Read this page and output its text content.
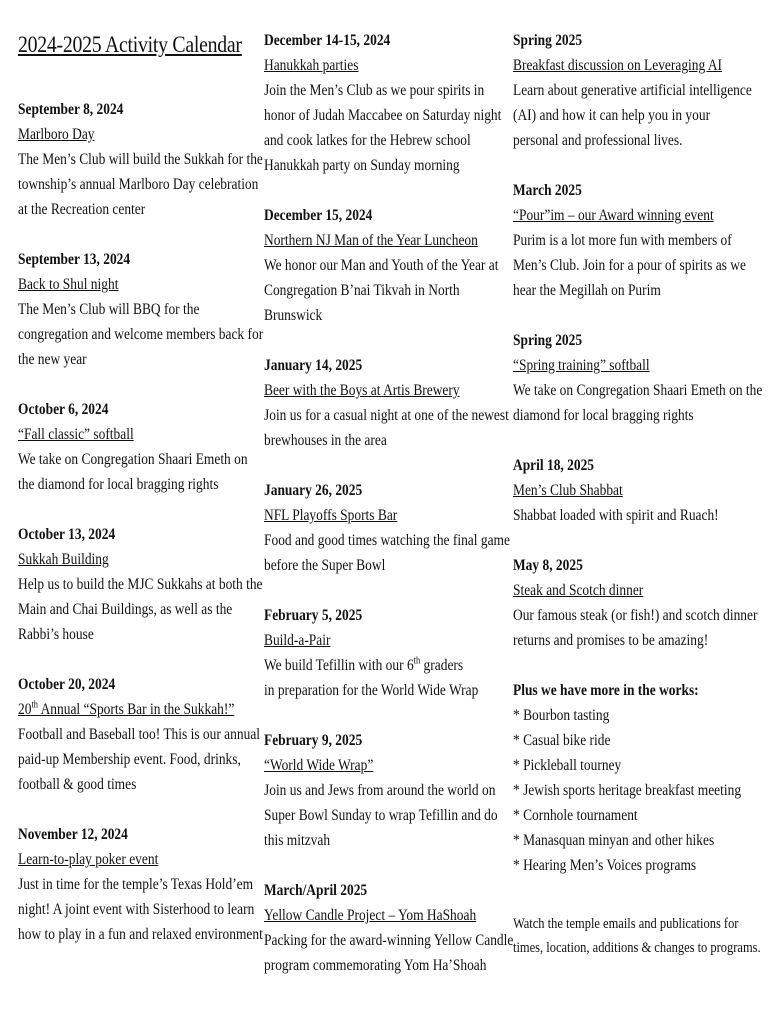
2024-2025 Activity Calendar
September 8, 2024
Marlboro Day
The Men’s Club will build the Sukkah for the
township’s annual Marlboro Day celebration
at the Recreation center
September 13, 2024
Back to Shul night
The Men’s Club will BBQ for the
congregation and welcome members back for
the new year
October 6, 2024
“Fall classic” softball
We take on Congregation Shaari Emeth on
the diamond for local bragging rights
October 13, 2024
Sukkah Building
Help us to build the MJC Sukkahs at both the
Main and Chai Buildings, as well as the
Rabbi’s house
October 20, 2024
20th Annual “Sports Bar in the Sukkah!”
Football and Baseball too! This is our annual
paid-up Membership event. Food, drinks,
football & good times
November 12, 2024
Learn-to-play poker event
Just in time for the temple’s Texas Hold’em
night! A joint event with Sisterhood to learn
how to play in a fun and relaxed environment
December 14-15, 2024
Hanukkah parties
Join the Men’s Club as we pour spirits in
honor of Judah Maccabee on Saturday night
and cook latkes for the Hebrew school
Hanukkah party on Sunday morning
December 15, 2024
Northern NJ Man of the Year Luncheon
We honor our Man and Youth of the Year at
Congregation B’nai Tikvah in North
Brunswick
January 14, 2025
Beer with the Boys at Artis Brewery
Join us for a casual night at one of the newest
brewhouses in the area
January 26, 2025
NFL Playoffs Sports Bar
Food and good times watching the final game
before the Super Bowl
February 5, 2025
Build-a-Pair
We build Tefillin with our 6th graders
in preparation for the World Wide Wrap
February 9, 2025
“World Wide Wrap”
Join us and Jews from around the world on
Super Bowl Sunday to wrap Tefillin and do
this mitzvah
March/April 2025
Yellow Candle Project – Yom HaShoah
Packing for the award-winning Yellow Candle
program commemorating Yom Ha’Shoah
Spring 2025
Breakfast discussion on Leveraging AI
Learn about generative artificial intelligence
(AI) and how it can help you in your
personal and professional lives.
March 2025
“Pour”im – our Award winning event
Purim is a lot more fun with members of
Men’s Club. Join for a pour of spirits as we
hear the Megillah on Purim
Spring 2025
“Spring training” softball
We take on Congregation Shaari Emeth on the
diamond for local bragging rights
April 18, 2025
Men’s Club Shabbat
Shabbat loaded with spirit and Ruach!
May 8, 2025
Steak and Scotch dinner
Our famous steak (or fish!) and scotch dinner
returns and promises to be amazing!
Plus we have more in the works:
* Bourbon tasting
* Casual bike ride
* Pickleball tourney
* Jewish sports heritage breakfast meeting
* Cornhole tournament
* Manasquan minyan and other hikes
* Hearing Men’s Voices programs
Watch the temple emails and publications for
times, location, additions & changes to programs.
